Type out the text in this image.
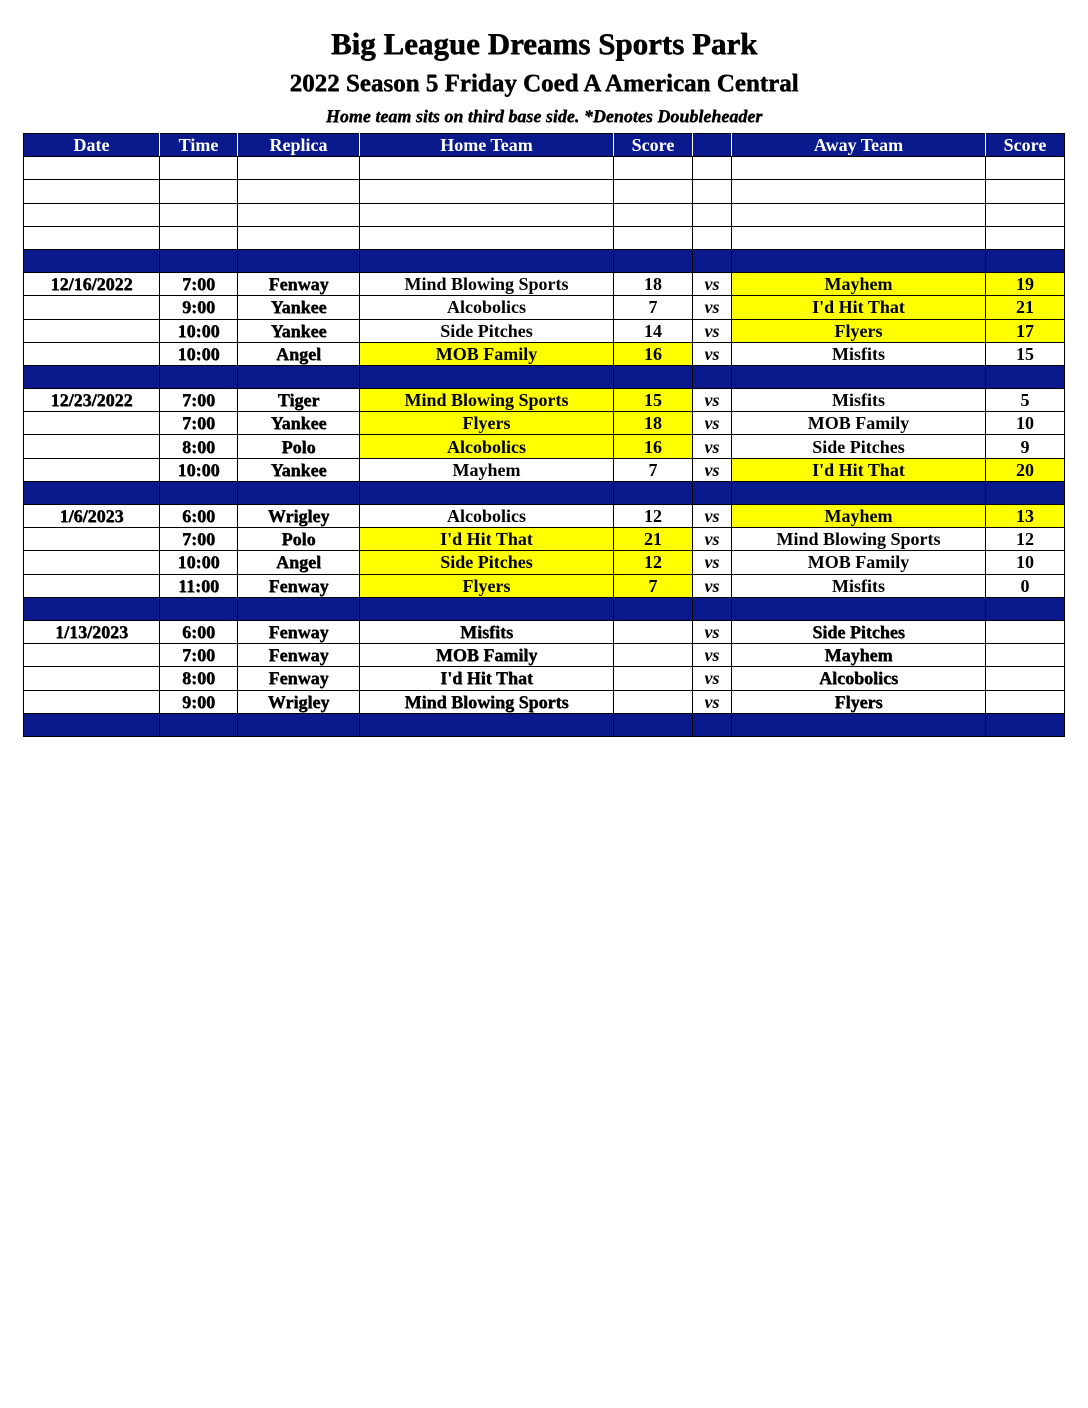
Big League Dreams Sports Park
2022 Season 5 Friday Coed A American Central
Home team sits on third base side. *Denotes Doubleheader
Date	Time	Replica	Home Team	Score		Away Team	Score

12/16/2022	7:00	Fenway	Mind Blowing Sports	18	vs	Mayhem	19
	9:00	Yankee	Alcobolics	7	vs	I'd Hit That	21
	10:00	Yankee	Side Pitches	14	vs	Flyers	17
	10:00	Angel	MOB Family	16	vs	Misfits	15

12/23/2022	7:00	Tiger	Mind Blowing Sports	15	vs	Misfits	5
	7:00	Yankee	Flyers	18	vs	MOB Family	10
	8:00	Polo	Alcobolics	16	vs	Side Pitches	9
	10:00	Yankee	Mayhem	7	vs	I'd Hit That	20

1/6/2023	6:00	Wrigley	Alcobolics	12	vs	Mayhem	13
	7:00	Polo	I'd Hit That	21	vs	Mind Blowing Sports	12
	10:00	Angel	Side Pitches	12	vs	MOB Family	10
	11:00	Fenway	Flyers	7	vs	Misfits	0

1/13/2023	6:00	Fenway	Misfits		vs	Side Pitches	
	7:00	Fenway	MOB Family		vs	Mayhem	
	8:00	Fenway	I'd Hit That		vs	Alcobolics	
	9:00	Wrigley	Mind Blowing Sports		vs	Flyers	
